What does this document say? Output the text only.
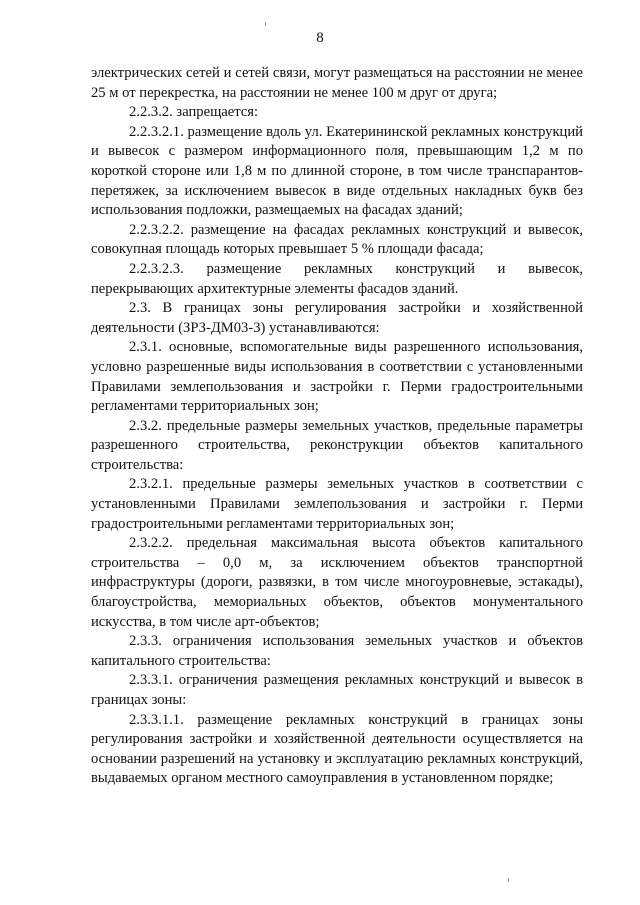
8

электрических сетей и сетей связи, могут размещаться на расстоянии не менее 25 м от перекрестка, на расстоянии не менее 100 м друг от друга;

2.2.3.2. запрещается:

2.2.3.2.1. размещение вдоль ул. Екатерининской рекламных конструкций и вывесок с размером информационного поля, превышающим 1,2 м по короткой стороне или 1,8 м по длинной стороне, в том числе транспарантов-перетяжек, за исключением вывесок в виде отдельных накладных букв без использования подложки, размещаемых на фасадах зданий;

2.2.3.2.2. размещение на фасадах рекламных конструкций и вывесок, совокупная площадь которых превышает 5 % площади фасада;

2.2.3.2.3. размещение рекламных конструкций и вывесок, перекрывающих архитектурные элементы фасадов зданий.

2.3. В границах зоны регулирования застройки и хозяйственной деятельности (ЗРЗ-ДМ03-3) устанавливаются:

2.3.1. основные, вспомогательные виды разрешенного использования, условно разрешенные виды использования в соответствии с установленными Правилами землепользования и застройки г. Перми градостроительными регламентами территориальных зон;

2.3.2. предельные размеры земельных участков, предельные параметры разрешенного строительства, реконструкции объектов капитального строительства:

2.3.2.1. предельные размеры земельных участков в соответствии с установленными Правилами землепользования и застройки г. Перми градостроительными регламентами территориальных зон;

2.3.2.2. предельная максимальная высота объектов капитального строительства – 0,0 м, за исключением объектов транспортной инфраструктуры (дороги, развязки, в том числе многоуровневые, эстакады), благоустройства, мемориальных объектов, объектов монументального искусства, в том числе арт-объектов;

2.3.3. ограничения использования земельных участков и объектов капитального строительства:

2.3.3.1. ограничения размещения рекламных конструкций и вывесок в границах зоны:

2.3.3.1.1. размещение рекламных конструкций в границах зоны регулирования застройки и хозяйственной деятельности осуществляется на основании разрешений на установку и эксплуатацию рекламных конструкций, выдаваемых органом местного самоуправления в установленном порядке;
